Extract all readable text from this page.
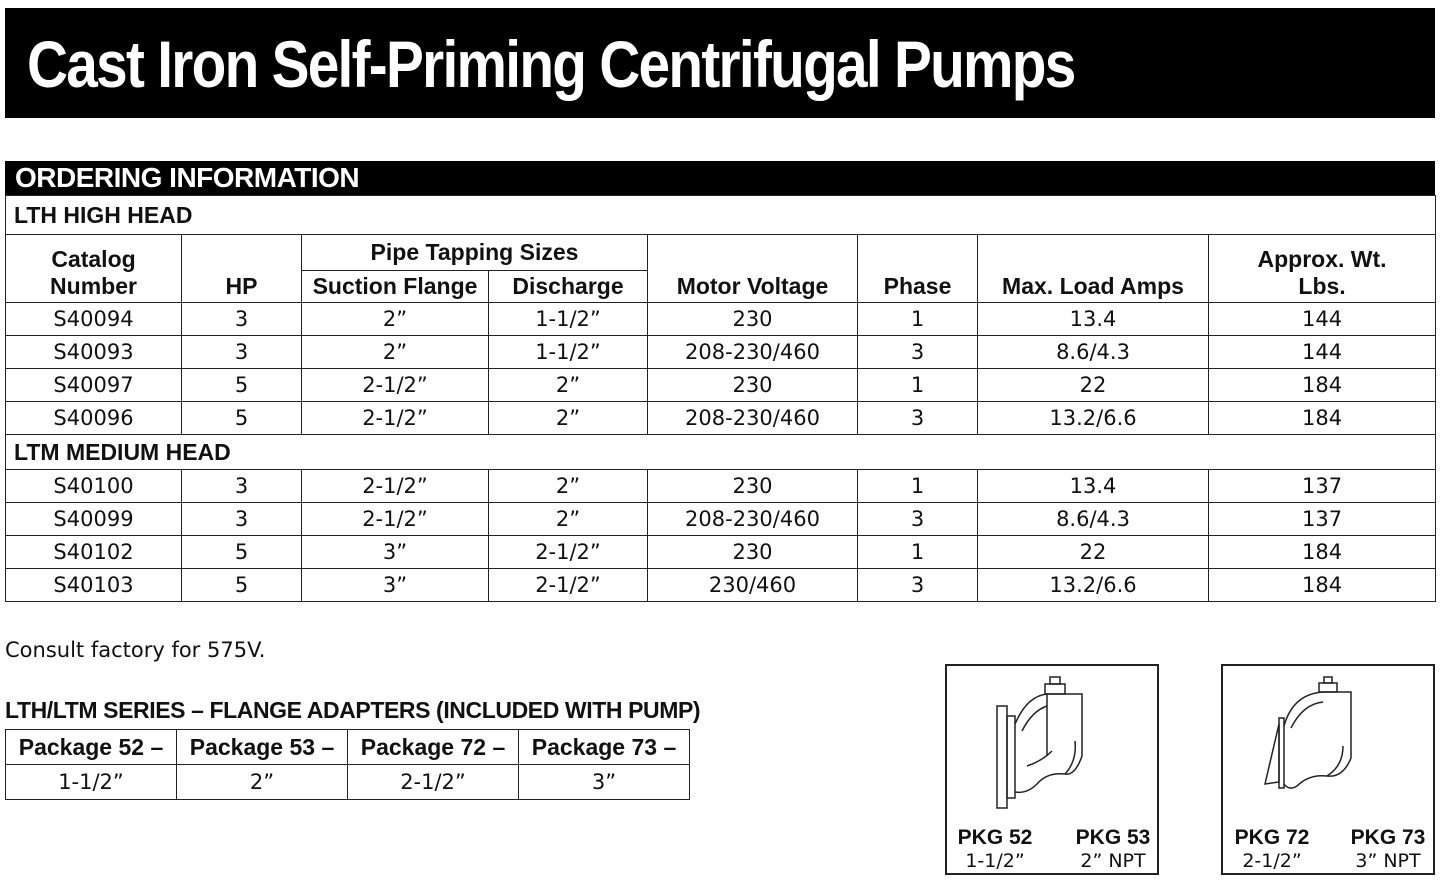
Cast Iron Self-Priming Centrifugal Pumps
ORDERING INFORMATION
LTH HIGH HEAD							

Catalog Number	HP	Pipe Tapping Sizes		Motor Voltage	Phase	Max. Load Amps	Approx. Wt. Lbs.

		Suction Flange	Discharge				
S40094	3	2”	1-1/2”	230	1	13.4	144
S40093	3	2”	1-1/2”	208-230/460	3	8.6/4.3	144
S40097	5	2-1/2”	2”	230	1	22	184
S40096	5	2-1/2”	2”	208-230/460	3	13.2/6.6	184
LTM MEDIUM HEAD							
S40100	3	2-1/2”	2”	230	1	13.4	137
S40099	3	2-1/2”	2”	208-230/460	3	8.6/4.3	137
S40102	5	3”	2-1/2”	230	1	22	184
S40103	5	3”	2-1/2”	230/460	3	13.2/6.6	184
Consult factory for 575V.
LTH/LTM SERIES – FLANGE ADAPTERS (INCLUDED WITH PUMP)
Package 52 –	Package 53 –	Package 72 –	Package 73 –
1-1/2”	2”	2-1/2”	3”
PKG 52
1-1/2”
PKG 53
2” NPT
PKG 72
2-1/2”
PKG 73
3” NPT
